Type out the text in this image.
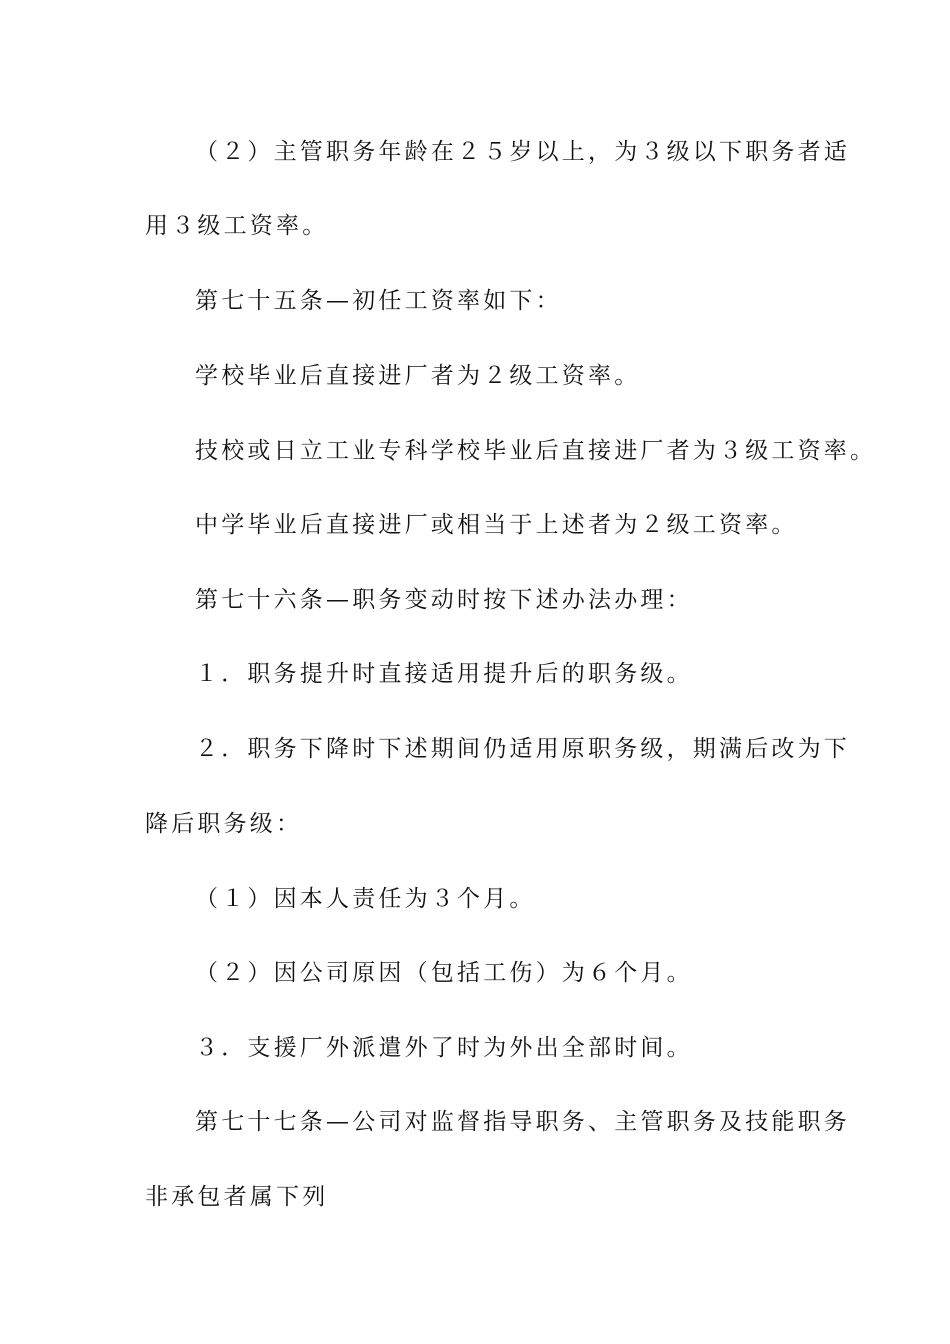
（２）主管职务年龄在２５岁以上，为３级以下职务者适
用３级工资率。
第七十五条—初任工资率如下：
学校毕业后直接进厂者为２级工资率。
技校或日立工业专科学校毕业后直接进厂者为３级工资率。
中学毕业后直接进厂或相当于上述者为２级工资率。
第七十六条—职务变动时按下述办法办理：
１．职务提升时直接适用提升后的职务级。
２．职务下降时下述期间仍适用原职务级，期满后改为下
降后职务级：
（１）因本人责任为３个月。
（２）因公司原因（包括工伤）为６个月。
３．支援厂外派遣外了时为外出全部时间。
第七十七条—公司对监督指导职务、主管职务及技能职务
非承包者属下列
